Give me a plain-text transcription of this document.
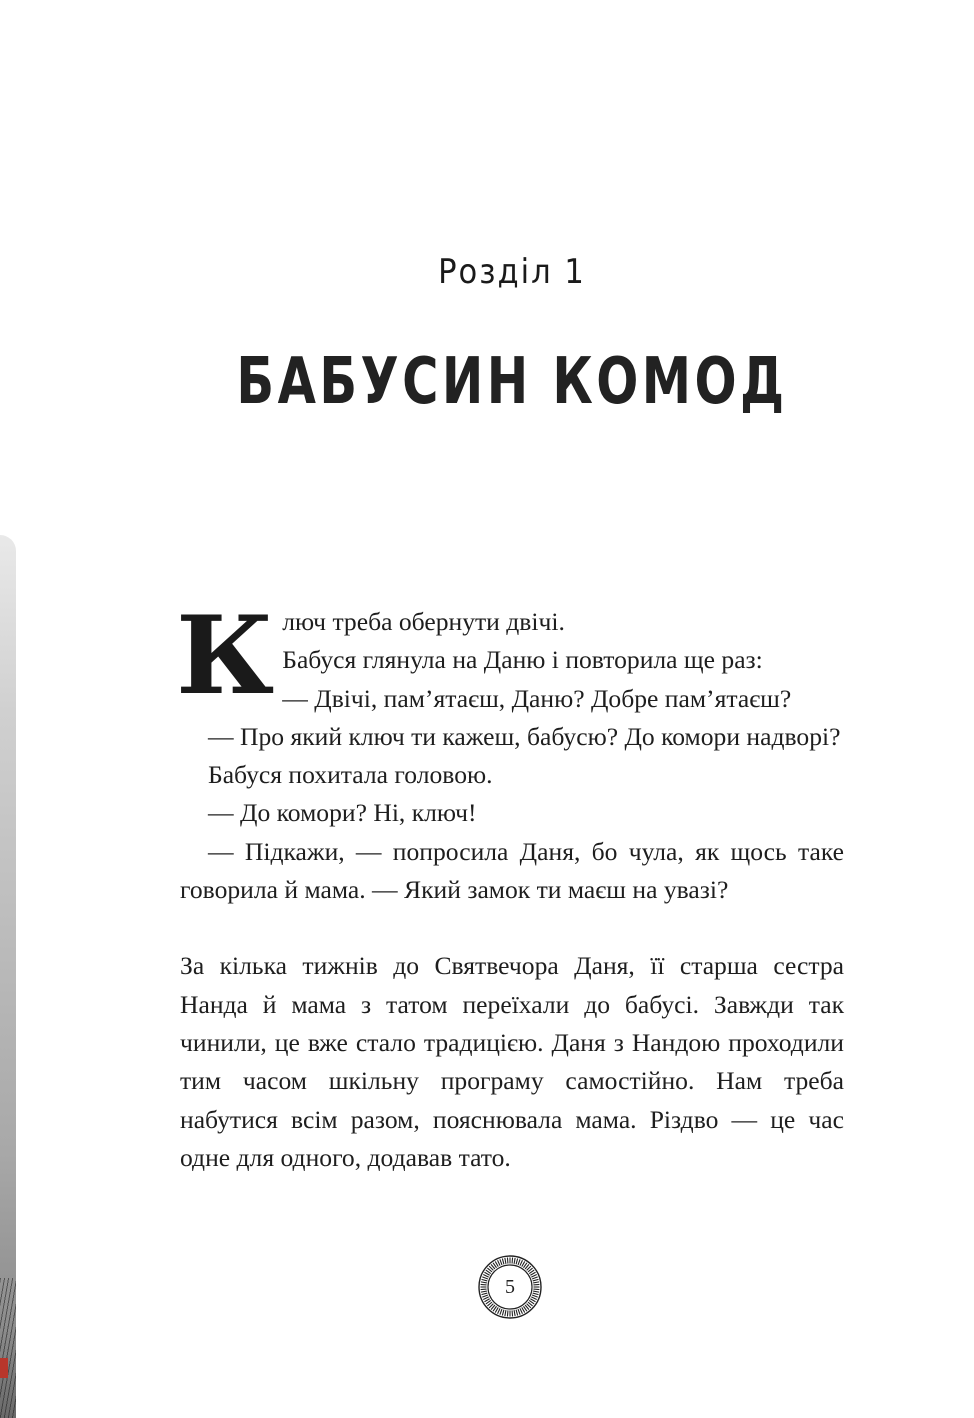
Розділ 1
БАБУСИН КОМОД
К люч треба обернути двічі.

Бабуся глянула на Даню і повторила ще раз:

— Двічі, пам’ятаєш, Даню? Добре пам’ятаєш?

— Про який ключ ти кажеш, бабусю? До комори надворі?

Бабуся похитала головою.

— До комори? Ні, ключ!

— Підкажи, — попросила Даня, бо чула, як щось таке говорила й мама. — Який замок ти маєш на увазі?

За кілька тижнів до Святвечора Даня, її старша сестра Нанда й мама з татом переїхали до бабусі. Завжди так чинили, це вже стало традицією. Даня з Нандою проходили тим часом шкільну програму самостійно. Нам треба набутися всім разом, пояснювала мама. Різдво — це час одне для одного, додавав тато.

5
